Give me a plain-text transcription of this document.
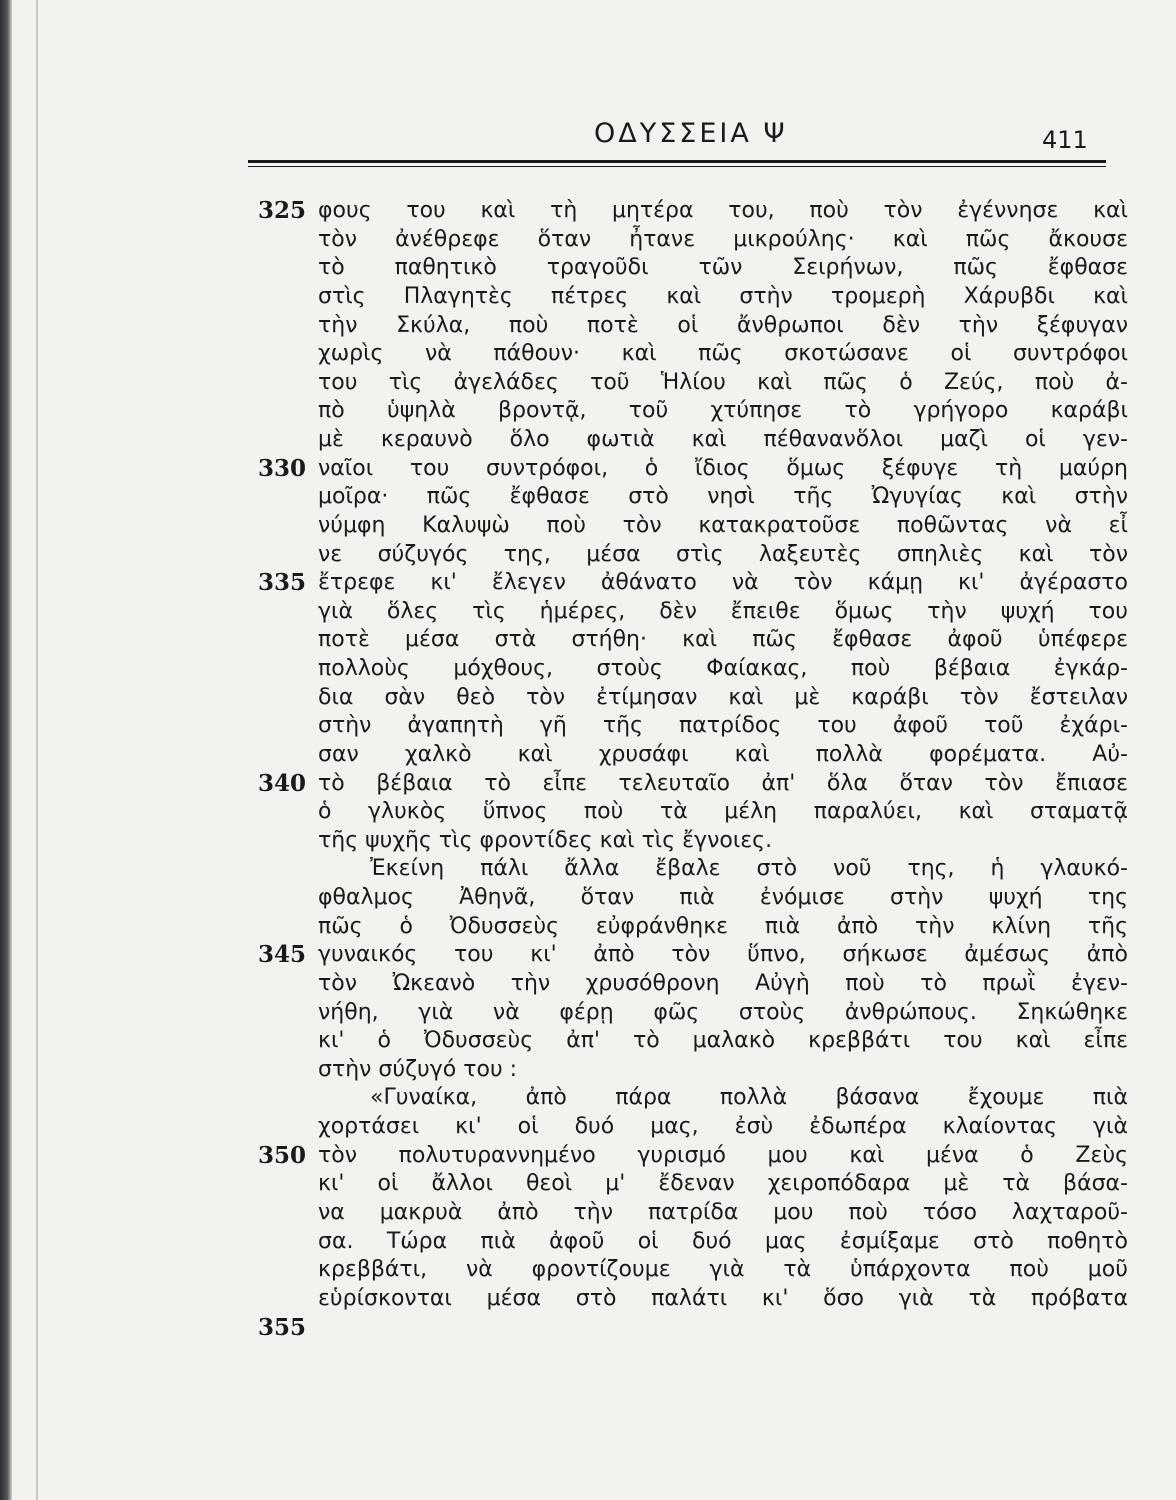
ΟΔΥΣΣΕΙΑ Ψ	411
φους του καὶ τὴ μητέρα του, ποὺ τὸν ἐγέννησε καὶ
τὸν ἀνέθρεφε ὅταν ἦτανε μικρούλης· καὶ πῶς ἄκουσε
τὸ παθητικὸ τραγοῦδι τῶν Σειρήνων, πῶς ἔφθασε
στὶς Πλαγητὲς πέτρες καὶ στὴν τρομερὴ Χάρυβδι καὶ
τὴν Σκύλα, ποὺ ποτὲ οἱ ἄνθρωποι δὲν τὴν ξέφυγαν
χωρὶς νὰ πάθουν· καὶ πῶς σκοτώσανε οἱ συντρόφοι
του τὶς ἀγελάδες τοῦ Ἡλίου καὶ πῶς ὁ Ζεύς, ποὺ ἀ-
πὸ ὑψηλὰ βροντᾷ, τοῦ χτύπησε τὸ γρήγορο καράβι
μὲ κεραυνὸ ὅλο φωτιὰ καὶ πέθανανὅλοι μαζὶ οἱ γεν-
ναῖοι του συντρόφοι, ὁ ἴδιος ὅμως ξέφυγε τὴ μαύρη
μοῖρα· πῶς ἔφθασε στὸ νησὶ τῆς Ὠγυγίας καὶ στὴν
νύμφη Καλυψὼ ποὺ τὸν κατακρατοῦσε ποθῶντας νὰ εἶ
νε σύζυγός της, μέσα στὶς λαξευτὲς σπηλιὲς καὶ τὸν
ἔτρεφε κι' ἔλεγεν ἀθάνατο νὰ τὸν κάμῃ κι' ἀγέραστο
γιὰ ὅλες τὶς ἡμέρες, δὲν ἔπειθε ὅμως τὴν ψυχή του
ποτὲ μέσα στὰ στήθη· καὶ πῶς ἔφθασε ἀφοῦ ὑπέφερε
πολλοὺς μόχθους, στοὺς Φαίακας, ποὺ βέβαια ἐγκάρ-
δια σὰν θεὸ τὸν ἐτίμησαν καὶ μὲ καράβι τὸν ἔστειλαν
στὴν ἀγαπητὴ γῆ τῆς πατρίδος του ἀφοῦ τοῦ ἐχάρι-
σαν χαλκὸ καὶ χρυσάφι καὶ πολλὰ φορέματα. Αὐ-
τὸ βέβαια τὸ εἶπε τελευταῖο ἀπ' ὅλα ὅταν τὸν ἔπιασε
ὁ γλυκὸς ὕπνος ποὺ τὰ μέλη παραλύει, καὶ σταματᾷ
τῆς ψυχῆς τὶς φροντίδες καὶ τὶς ἔγνοιες.
Ἐκείνη πάλι ἄλλα ἔβαλε στὸ νοῦ της, ἡ γλαυκό-
φθαλμος Ἀθηνᾶ, ὅταν πιὰ ἐνόμισε στὴν ψυχή της
πῶς ὁ Ὀδυσσεὺς εὐφράνθηκε πιὰ ἀπὸ τὴν κλίνη τῆς
γυναικός του κι' ἀπὸ τὸν ὕπνο, σήκωσε ἀμέσως ἀπὸ
τὸν Ὠκεανὸ τὴν χρυσόθρονη Αὐγὴ ποὺ τὸ πρωῒ ἐγεν-
νήθη, γιὰ νὰ φέρῃ φῶς στοὺς ἀνθρώπους. Σηκώθηκε
κι' ὁ Ὀδυσσεὺς ἀπ' τὸ μαλακὸ κρεββάτι του καὶ εἶπε
στὴν σύζυγό του :
«Γυναίκα, ἀπὸ πάρα πολλὰ βάσανα ἔχουμε πιὰ
χορτάσει κι' οἱ δυό μας, ἐσὺ ἐδωπέρα κλαίοντας γιὰ
τὸν πολυτυραννημένο γυρισμό μου καὶ μένα ὁ Ζεὺς
κι' οἱ ἄλλοι θεοὶ μ' ἔδεναν χειροπόδαρα μὲ τὰ βάσα-
να μακρυὰ ἀπὸ τὴν πατρίδα μου ποὺ τόσο λαχταροῦ-
σα. Τώρα πιὰ ἀφοῦ οἱ δυό μας ἐσμίξαμε στὸ ποθητὸ
κρεββάτι, νὰ φροντίζουμε γιὰ τὰ ὑπάρχοντα ποὺ μοῦ
εὑρίσκονται μέσα στὸ παλάτι κι' ὅσο γιὰ τὰ πρόβατα
325
330
335
340
345
350
355
